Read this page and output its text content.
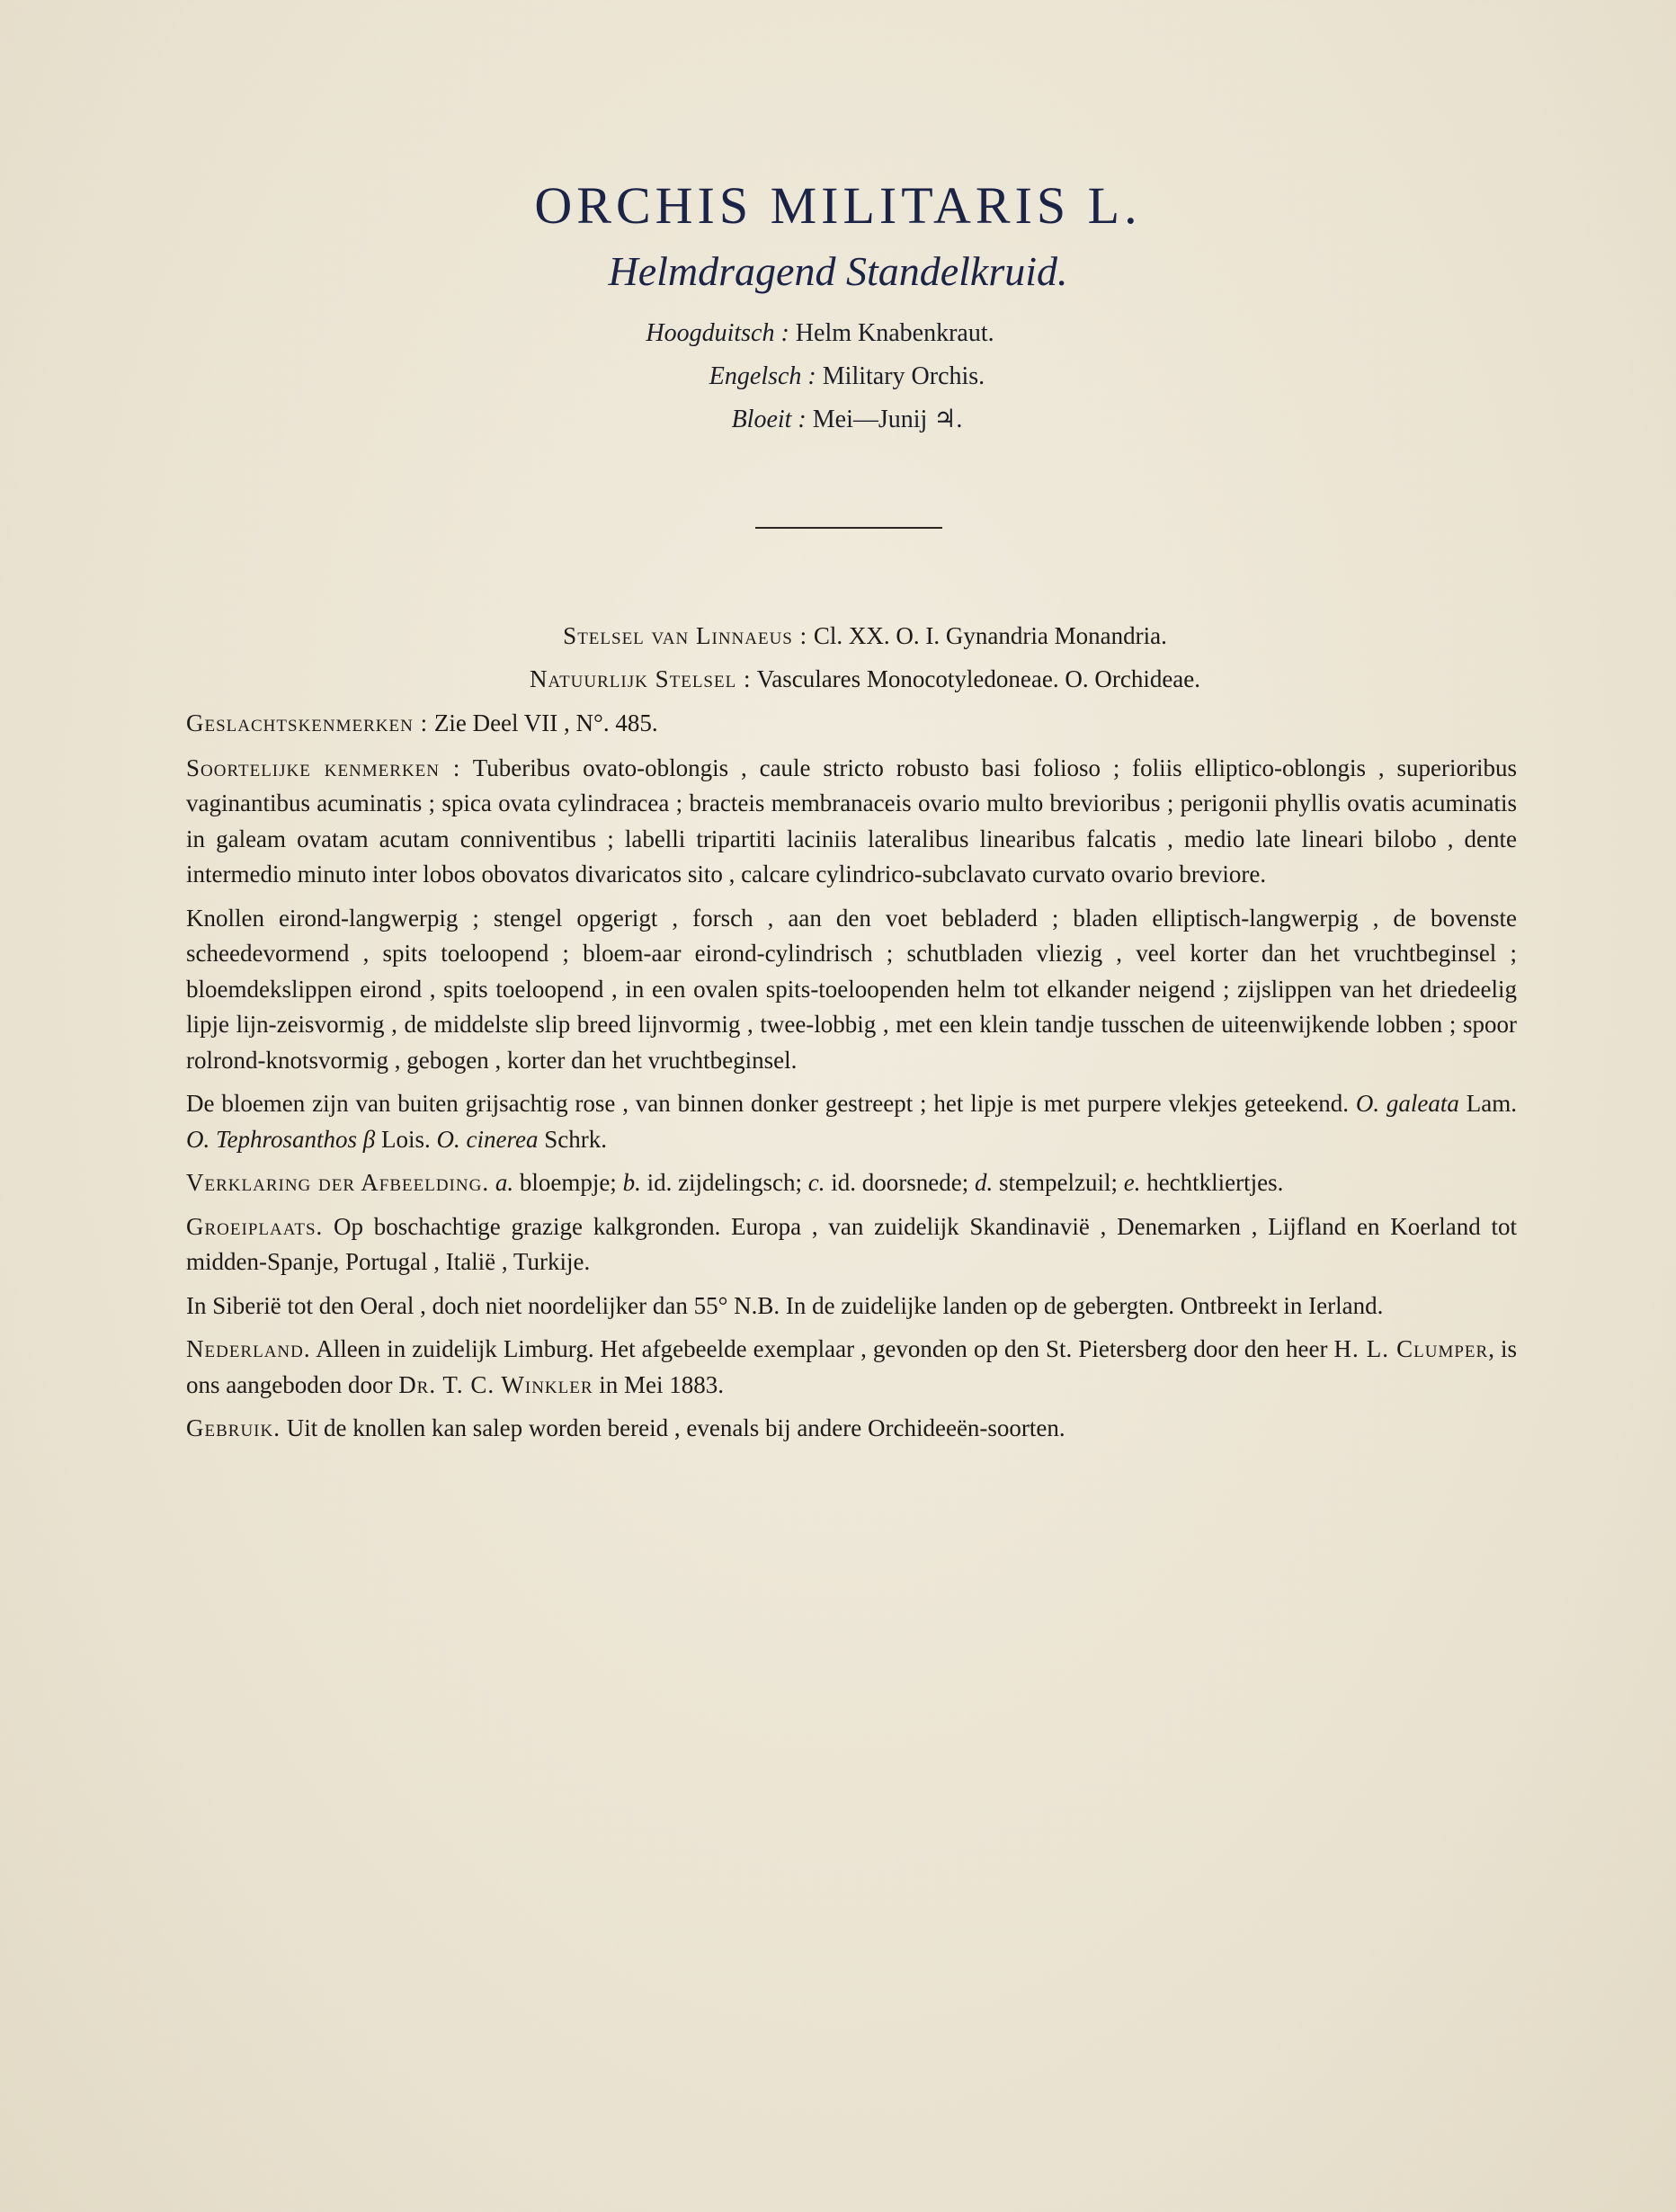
ORCHIS MILITARIS L.
Helmdragend Standelkruid.
Hoogduitsch : Helm Knabenkraut.
Engelsch : Military Orchis.
Bloeit : Mei—Junij ♃.
Stelsel van Linnaeus : Cl. XX. O. I. Gynandria Monandria.
Natuurlijk Stelsel : Vasculares Monocotyledoneae. O. Orchideae.

Geslachtskenmerken : Zie Deel VII , N°. 485.

Soortelijke kenmerken : Tuberibus ovato-oblongis , caule stricto robusto basi folioso ; foliis elliptico-oblongis , superioribus vaginantibus acuminatis ; spica ovata cylindracea ; bracteis membranaceis ovario multo brevioribus ; perigonii phyllis ovatis acuminatis in galeam ovatam acutam conniventibus ; labelli tripartiti laciniis lateralibus linearibus falcatis , medio late lineari bilobo , dente intermedio minuto inter lobos obovatos divaricatos sito , calcare cylindrico-subclavato curvato ovario breviore.

Knollen eirond-langwerpig ; stengel opgerigt , forsch , aan den voet bebladerd ; bladen elliptisch-langwerpig , de bovenste scheedevormend , spits toeloopend ; bloem-aar eirond-cylindrisch ; schutbladen vliezig , veel korter dan het vruchtbeginsel ; bloemdekslippen eirond , spits toeloopend , in een ovalen spits-toeloopenden helm tot elkander neigend ; zijslippen van het driedeelig lipje lijn-zeisvormig , de middelste slip breed lijnvormig , twee-lobbig , met een klein tandje tusschen de uiteenwijkende lobben ; spoor rolrond-knotsvormig , gebogen , korter dan het vruchtbeginsel.

De bloemen zijn van buiten grijsachtig rose , van binnen donker gestreept ; het lipje is met purpere vlekjes geteekend. O. galeata Lam. O. Tephrosanthos β Lois. O. cinerea Schrk.

Verklaring der Afbeelding. a. bloempje; b. id. zijdelingsch; c. id. doorsnede; d. stempelzuil; e. hechtkliertjes.

Groeiplaats. Op boschachtige grazige kalkgronden. Europa , van zuidelijk Skandinavië , Denemarken , Lijfland en Koerland tot midden-Spanje, Portugal , Italië , Turkije.

In Siberië tot den Oeral , doch niet noordelijker dan 55° N.B. In de zuidelijke landen op de gebergten. Ontbreekt in Ierland.

Nederland. Alleen in zuidelijk Limburg. Het afgebeelde exemplaar , gevonden op den St. Pietersberg door den heer H. L. Clumper, is ons aangeboden door Dr. T. C. Winkler in Mei 1883.

Gebruik. Uit de knollen kan salep worden bereid , evenals bij andere Orchideeën-soorten.
